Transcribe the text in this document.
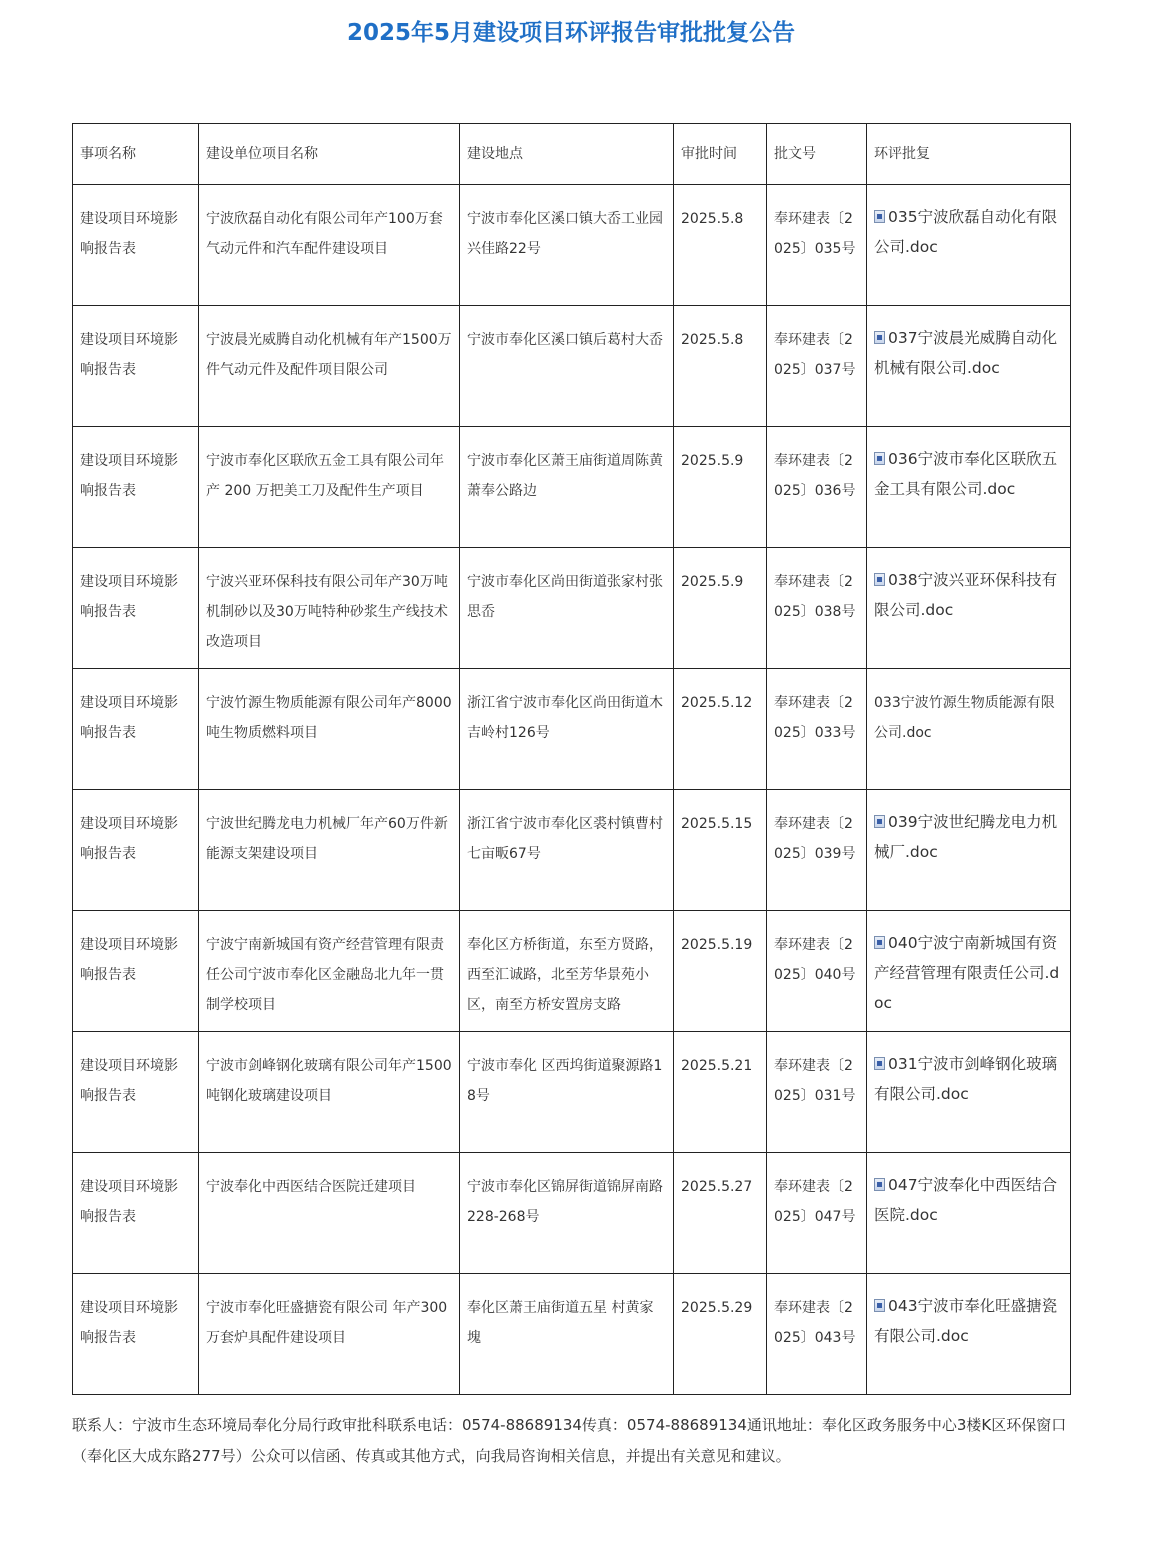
2025年5月建设项目环评报告审批批复公告
事项名称	建设单位项目名称	建设地点	审批时间	批文号	环评批复
建设项目环境影响报告表	宁波欣磊自动化有限公司年产100万套气动元件和汽车配件建设项目	宁波市奉化区溪口镇大岙工业园兴佳路22号	2025.5.8	奉环建表〔2025〕035号	035宁波欣磊自动化有限公司.doc
建设项目环境影响报告表	宁波晨光威腾自动化机械有年产1500万件气动元件及配件项目限公司	宁波市奉化区溪口镇后葛村大岙	2025.5.8	奉环建表〔2025〕037号	037宁波晨光威腾自动化机械有限公司.doc
建设项目环境影响报告表	宁波市奉化区联欣五金工具有限公司年产 200 万把美工刀及配件生产项目	宁波市奉化区萧王庙街道周陈黄萧奉公路边	2025.5.9	奉环建表〔2025〕036号	036宁波市奉化区联欣五金工具有限公司.doc
建设项目环境影响报告表	宁波兴亚环保科技有限公司年产30万吨机制砂以及30万吨特种砂浆生产线技术改造项目	宁波市奉化区尚田街道张家村张思岙	2025.5.9	奉环建表〔2025〕038号	038宁波兴亚环保科技有限公司.doc
建设项目环境影响报告表	宁波竹源生物质能源有限公司年产8000吨生物质燃料项目	浙江省宁波市奉化区尚田街道木吉岭村126号	2025.5.12	奉环建表〔2025〕033号	033宁波竹源生物质能源有限公司.doc
建设项目环境影响报告表	宁波世纪腾龙电力机械厂年产60万件新能源支架建设项目	浙江省宁波市奉化区裘村镇曹村七亩畈67号	2025.5.15	奉环建表〔2025〕039号	039宁波世纪腾龙电力机械厂.doc
建设项目环境影响报告表	宁波宁南新城国有资产经营管理有限责任公司宁波市奉化区金融岛北九年一贯制学校项目	奉化区方桥街道，东至方贤路，西至汇诚路，北至芳华景苑小区，南至方桥安置房支路	2025.5.19	奉环建表〔2025〕040号	040宁波宁南新城国有资产经营管理有限责任公司.doc
建设项目环境影响报告表	宁波市剑峰钢化玻璃有限公司年产1500 吨钢化玻璃建设项目	宁波市奉化 区西坞街道聚源路18号	2025.5.21	奉环建表〔2025〕031号	031宁波市剑峰钢化玻璃有限公司.doc
建设项目环境影响报告表	宁波奉化中西医结合医院迁建项目	宁波市奉化区锦屏街道锦屏南路228-268号	2025.5.27	奉环建表〔2025〕047号	047宁波奉化中西医结合医院.doc
建设项目环境影响报告表	宁波市奉化旺盛搪瓷有限公司 年产300 万套炉具配件建设项目	奉化区萧王庙街道五星 村黄家塊	2025.5.29	奉环建表〔2025〕043号	043宁波市奉化旺盛搪瓷有限公司.doc
联系人：宁波市生态环境局奉化分局行政审批科联系电话：0574-88689134传真：0574-88689134通讯地址：奉化区政务服务中心3楼K区环保窗口（奉化区大成东路277号）公众可以信函、传真或其他方式，向我局咨询相关信息，并提出有关意见和建议。
